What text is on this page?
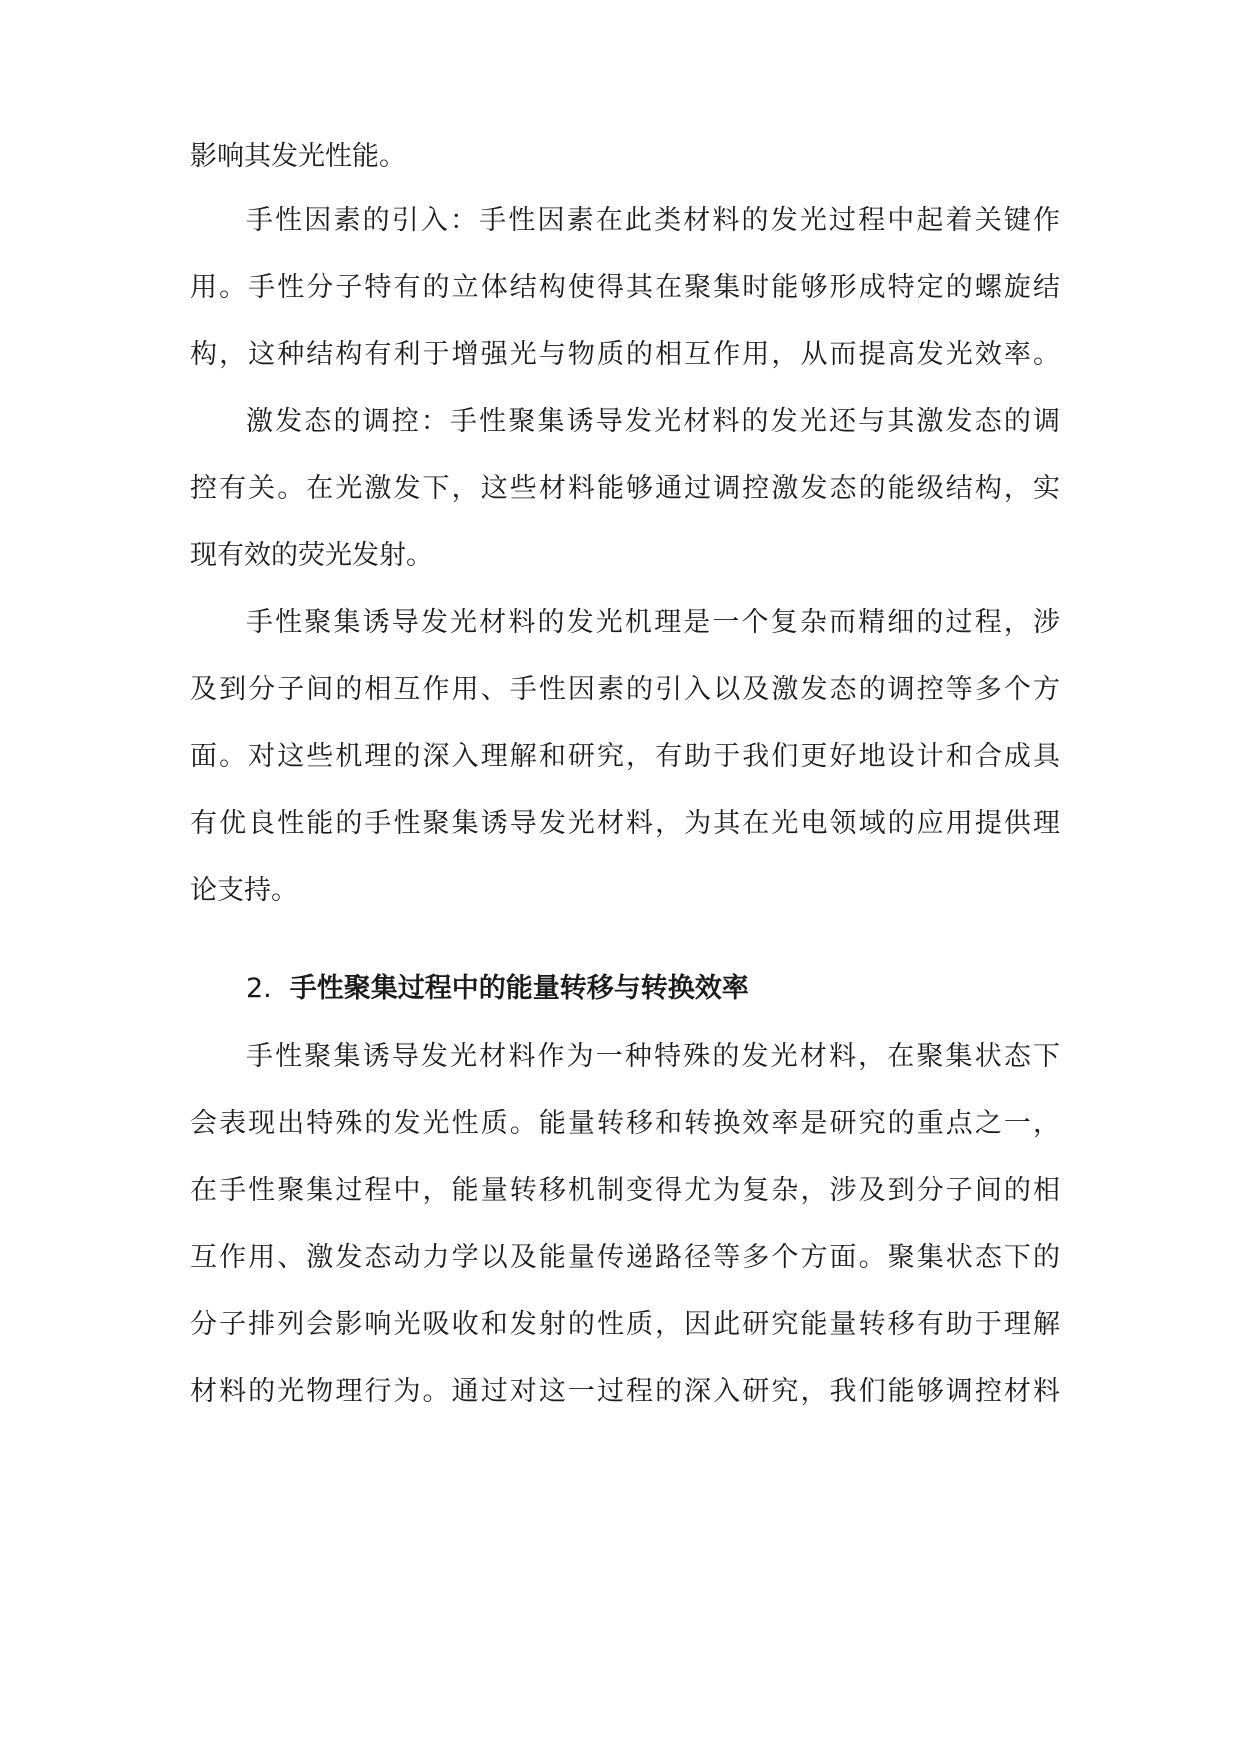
影响其发光性能。
手性因素的引入：手性因素在此类材料的发光过程中起着关键作
用。手性分子特有的立体结构使得其在聚集时能够形成特定的螺旋结
构，这种结构有利于增强光与物质的相互作用，从而提高发光效率。
激发态的调控：手性聚集诱导发光材料的发光还与其激发态的调
控有关。在光激发下，这些材料能够通过调控激发态的能级结构，实
现有效的荧光发射。
手性聚集诱导发光材料的发光机理是一个复杂而精细的过程，涉
及到分子间的相互作用、手性因素的引入以及激发态的调控等多个方
面。对这些机理的深入理解和研究，有助于我们更好地设计和合成具
有优良性能的手性聚集诱导发光材料，为其在光电领域的应用提供理
论支持。
2. 手性聚集过程中的能量转移与转换效率
手性聚集诱导发光材料作为一种特殊的发光材料，在聚集状态下
会表现出特殊的发光性质。能量转移和转换效率是研究的重点之一，
在手性聚集过程中，能量转移机制变得尤为复杂，涉及到分子间的相
互作用、激发态动力学以及能量传递路径等多个方面。聚集状态下的
分子排列会影响光吸收和发射的性质，因此研究能量转移有助于理解
材料的光物理行为。通过对这一过程的深入研究，我们能够调控材料
